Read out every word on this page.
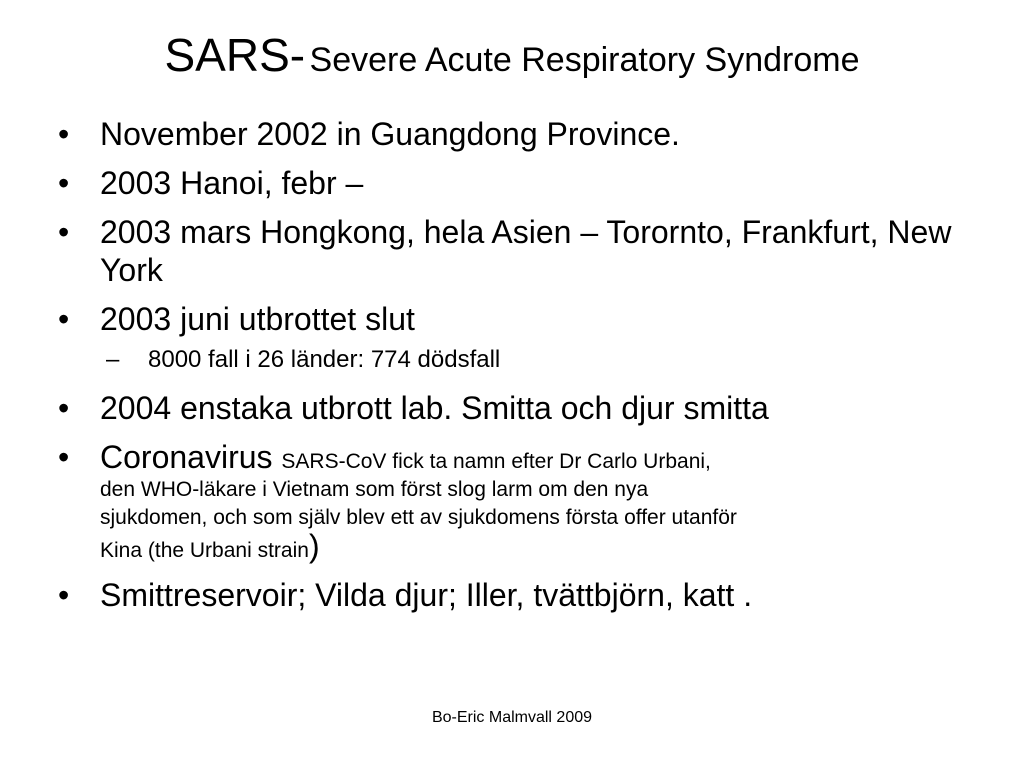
SARS- Severe Acute Respiratory Syndrome
• November 2002 in Guangdong Province.
• 2003 Hanoi, febr –
• 2003 mars Hongkong, hela Asien – Torornto, Frankfurt, New York
• 2003 juni utbrottet slut
– 8000 fall i 26 länder: 774 dödsfall
• 2004 enstaka utbrott lab. Smitta och djur smitta
• Coronavirus SARS-CoV fick ta namn efter Dr Carlo Urbani,
den WHO-läkare i Vietnam som först slog larm om den nya
sjukdomen, och som själv blev ett av sjukdomens första offer utanför
Kina (the Urbani strain)
• Smittreservoir; Vilda djur; Iller, tvättbjörn, katt .
Bo-Eric Malmvall 2009
